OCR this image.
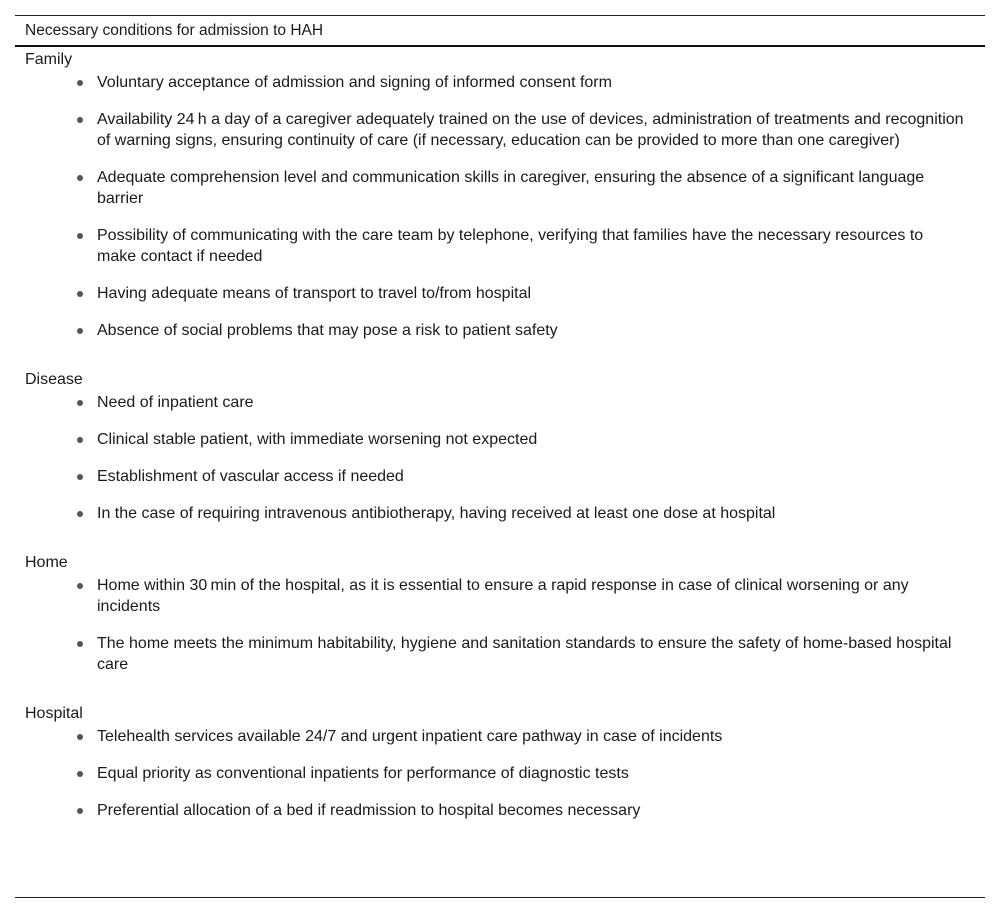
Necessary conditions for admission to HAH
Family
Voluntary acceptance of admission and signing of informed consent form
Availability 24 h a day of a caregiver adequately trained on the use of devices, administration of treatments and recognition of warning signs, ensuring continuity of care (if necessary, education can be provided to more than one caregiver)
Adequate comprehension level and communication skills in caregiver, ensuring the absence of a significant language barrier
Possibility of communicating with the care team by telephone, verifying that families have the necessary resources to make contact if needed
Having adequate means of transport to travel to/from hospital
Absence of social problems that may pose a risk to patient safety
Disease
Need of inpatient care
Clinical stable patient, with immediate worsening not expected
Establishment of vascular access if needed
In the case of requiring intravenous antibiotherapy, having received at least one dose at hospital
Home
Home within 30 min of the hospital, as it is essential to ensure a rapid response in case of clinical worsening or any incidents
The home meets the minimum habitability, hygiene and sanitation standards to ensure the safety of home-based hospital care
Hospital
Telehealth services available 24/7 and urgent inpatient care pathway in case of incidents
Equal priority as conventional inpatients for performance of diagnostic tests
Preferential allocation of a bed if readmission to hospital becomes necessary
